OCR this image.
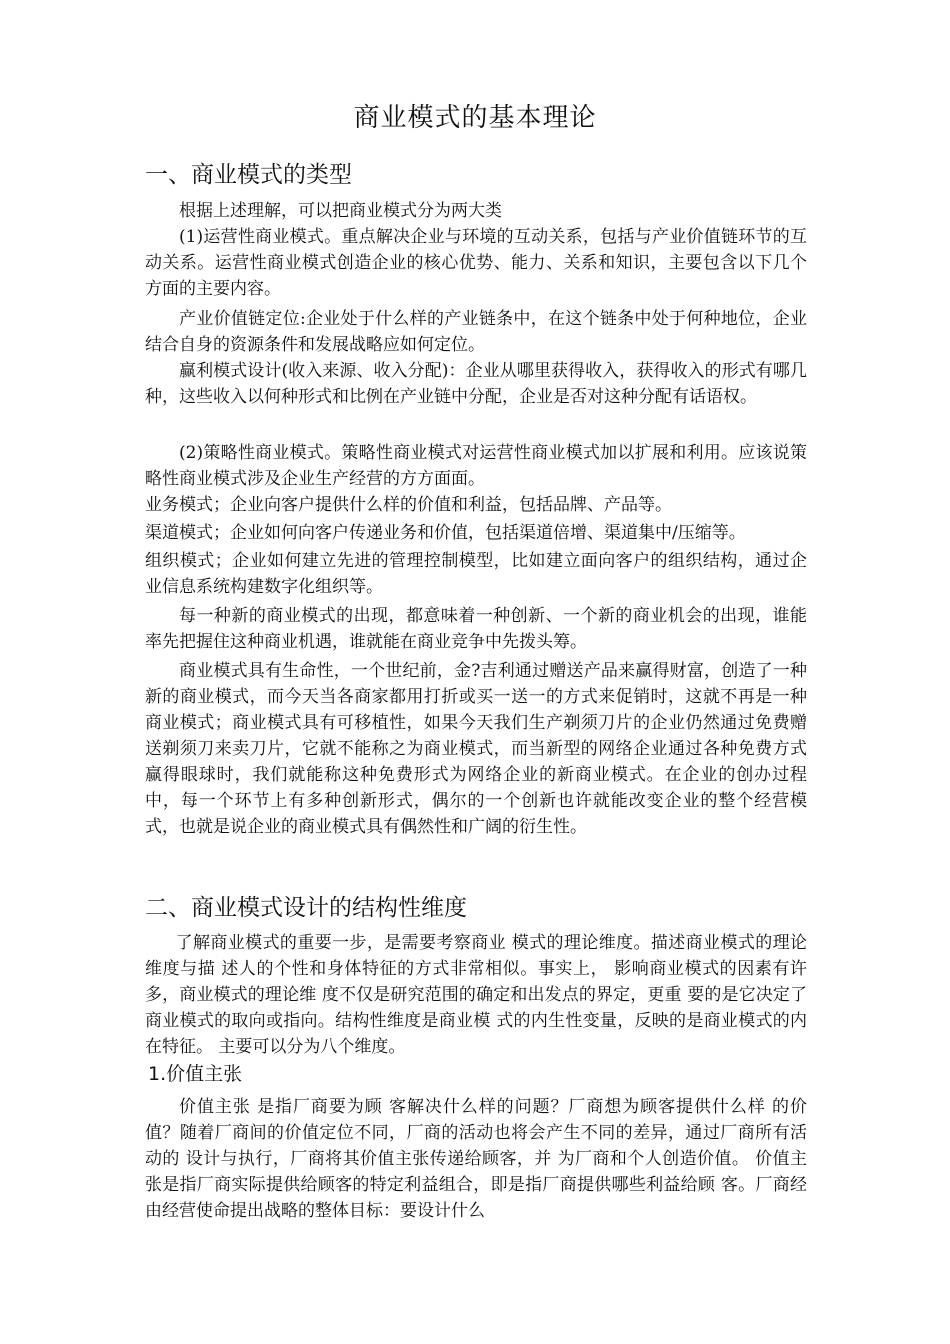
商业模式的基本理论
一、商业模式的类型

根据上述理解，可以把商业模式分为两大类

(1)运营性商业模式。重点解决企业与环境的互动关系，包括与产业价值链环节的互动关系。运营性商业模式创造企业的核心优势、能力、关系和知识，主要包含以下几个方面的主要内容。

产业价值链定位:企业处于什么样的产业链条中，在这个链条中处于何种地位，企业结合自身的资源条件和发展战略应如何定位。

赢利模式设计(收入来源、收入分配)：企业从哪里获得收入，获得收入的形式有哪几种，这些收入以何种形式和比例在产业链中分配，企业是否对这种分配有话语权。

(2)策略性商业模式。策略性商业模式对运营性商业模式加以扩展和利用。应该说策略性商业模式涉及企业生产经营的方方面面。

业务模式；企业向客户提供什么样的价值和利益，包括品牌、产品等。

渠道模式；企业如何向客户传递业务和价值，包括渠道倍增、渠道集中/压缩等。

组织模式；企业如何建立先进的管理控制模型，比如建立面向客户的组织结构，通过企业信息系统构建数字化组织等。

每一种新的商业模式的出现，都意味着一种创新、一个新的商业机会的出现，谁能率先把握住这种商业机遇，谁就能在商业竞争中先拨头筹。

商业模式具有生命性，一个世纪前，金?吉利通过赠送产品来赢得财富，创造了一种新的商业模式，而今天当各商家都用打折或买一送一的方式来促销时，这就不再是一种商业模式；商业模式具有可移植性，如果今天我们生产剃须刀片的企业仍然通过免费赠送剃须刀来卖刀片，它就不能称之为商业模式，而当新型的网络企业通过各种免费方式赢得眼球时，我们就能称这种免费形式为网络企业的新商业模式。在企业的创办过程中，每一个环节上有多种创新形式，偶尔的一个创新也许就能改变企业的整个经营模式，也就是说企业的商业模式具有偶然性和广阔的衍生性。

二、商业模式设计的结构性维度

了解商业模式的重要一步，是需要考察商业 模式的理论维度。描述商业模式的理论维度与描 述人的个性和身体特征的方式非常相似。事实上， 影响商业模式的因素有许多，商业模式的理论维 度不仅是研究范围的确定和出发点的界定，更重 要的是它决定了商业模式的取向或指向。结构性维度是商业模 式的内生性变量，反映的是商业模式的内在特征。 主要可以分为八个维度。

1.价值主张

价值主张 是指厂商要为顾 客解决什么样的问题？厂商想为顾客提供什么样 的价值？随着厂商间的价值定位不同，厂商的活动也将会产生不同的差异，通过厂商所有活动的 设计与执行，厂商将其价值主张传递给顾客，并 为厂商和个人创造价值。 价值主张是指厂商实际提供给顾客的特定利益组合，即是指厂商提供哪些利益给顾 客。厂商经由经营使命提出战略的整体目标：要设计什么
